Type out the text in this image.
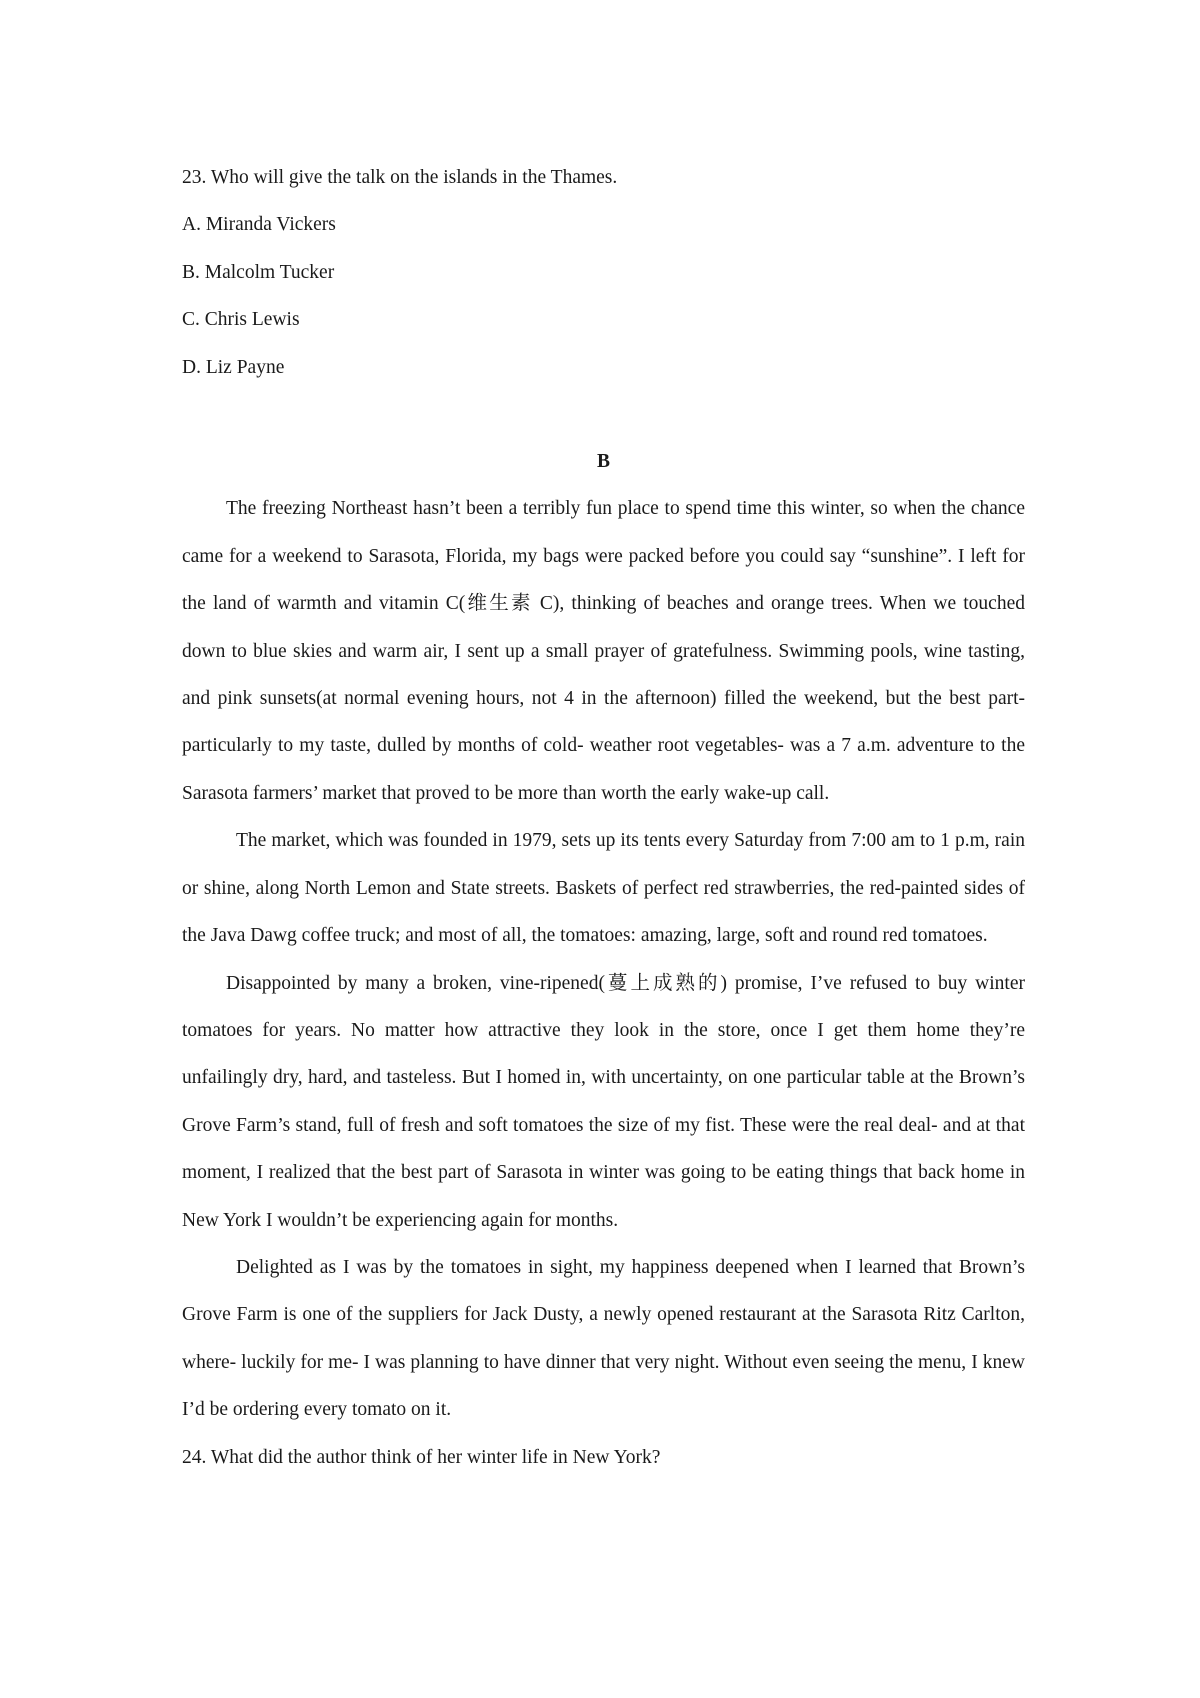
23. Who will give the talk on the islands in the Thames.

A. Miranda Vickers

B. Malcolm Tucker

C. Chris Lewis

D. Liz Payne

B

The freezing Northeast hasn’t been a terribly fun place to spend time this winter, so when the chance came for a weekend to Sarasota, Florida, my bags were packed before you could say “sunshine”. I left for the land of warmth and vitamin C(维生素 C), thinking of beaches and orange trees. When we touched down to blue skies and warm air, I sent up a small prayer of gratefulness. Swimming pools, wine tasting, and pink sunsets(at normal evening hours, not 4 in the afternoon) filled the weekend, but the best part- particularly to my taste, dulled by months of cold- weather root vegetables- was a 7 a.m. adventure to the Sarasota farmers’ market that proved to be more than worth the early wake-up call.

The market, which was founded in 1979, sets up its tents every Saturday from 7:00 am to 1 p.m, rain or shine, along North Lemon and State streets. Baskets of perfect red strawberries, the red-painted sides of the Java Dawg coffee truck; and most of all, the tomatoes: amazing, large, soft and round red tomatoes.

Disappointed by many a broken, vine-ripened(蔓上成熟的) promise, I’ve refused to buy winter tomatoes for years. No matter how attractive they look in the store, once I get them home they’re unfailingly dry, hard, and tasteless. But I homed in, with uncertainty, on one particular table at the Brown’s Grove Farm’s stand, full of fresh and soft tomatoes the size of my fist. These were the real deal- and at that moment, I realized that the best part of Sarasota in winter was going to be eating things that back home in New York I wouldn’t be experiencing again for months.

Delighted as I was by the tomatoes in sight, my happiness deepened when I learned that Brown’s Grove Farm is one of the suppliers for Jack Dusty, a newly opened restaurant at the Sarasota Ritz Carlton, where- luckily for me- I was planning to have dinner that very night. Without even seeing the menu, I knew I’d be ordering every tomato on it.

24. What did the author think of her winter life in New York?
